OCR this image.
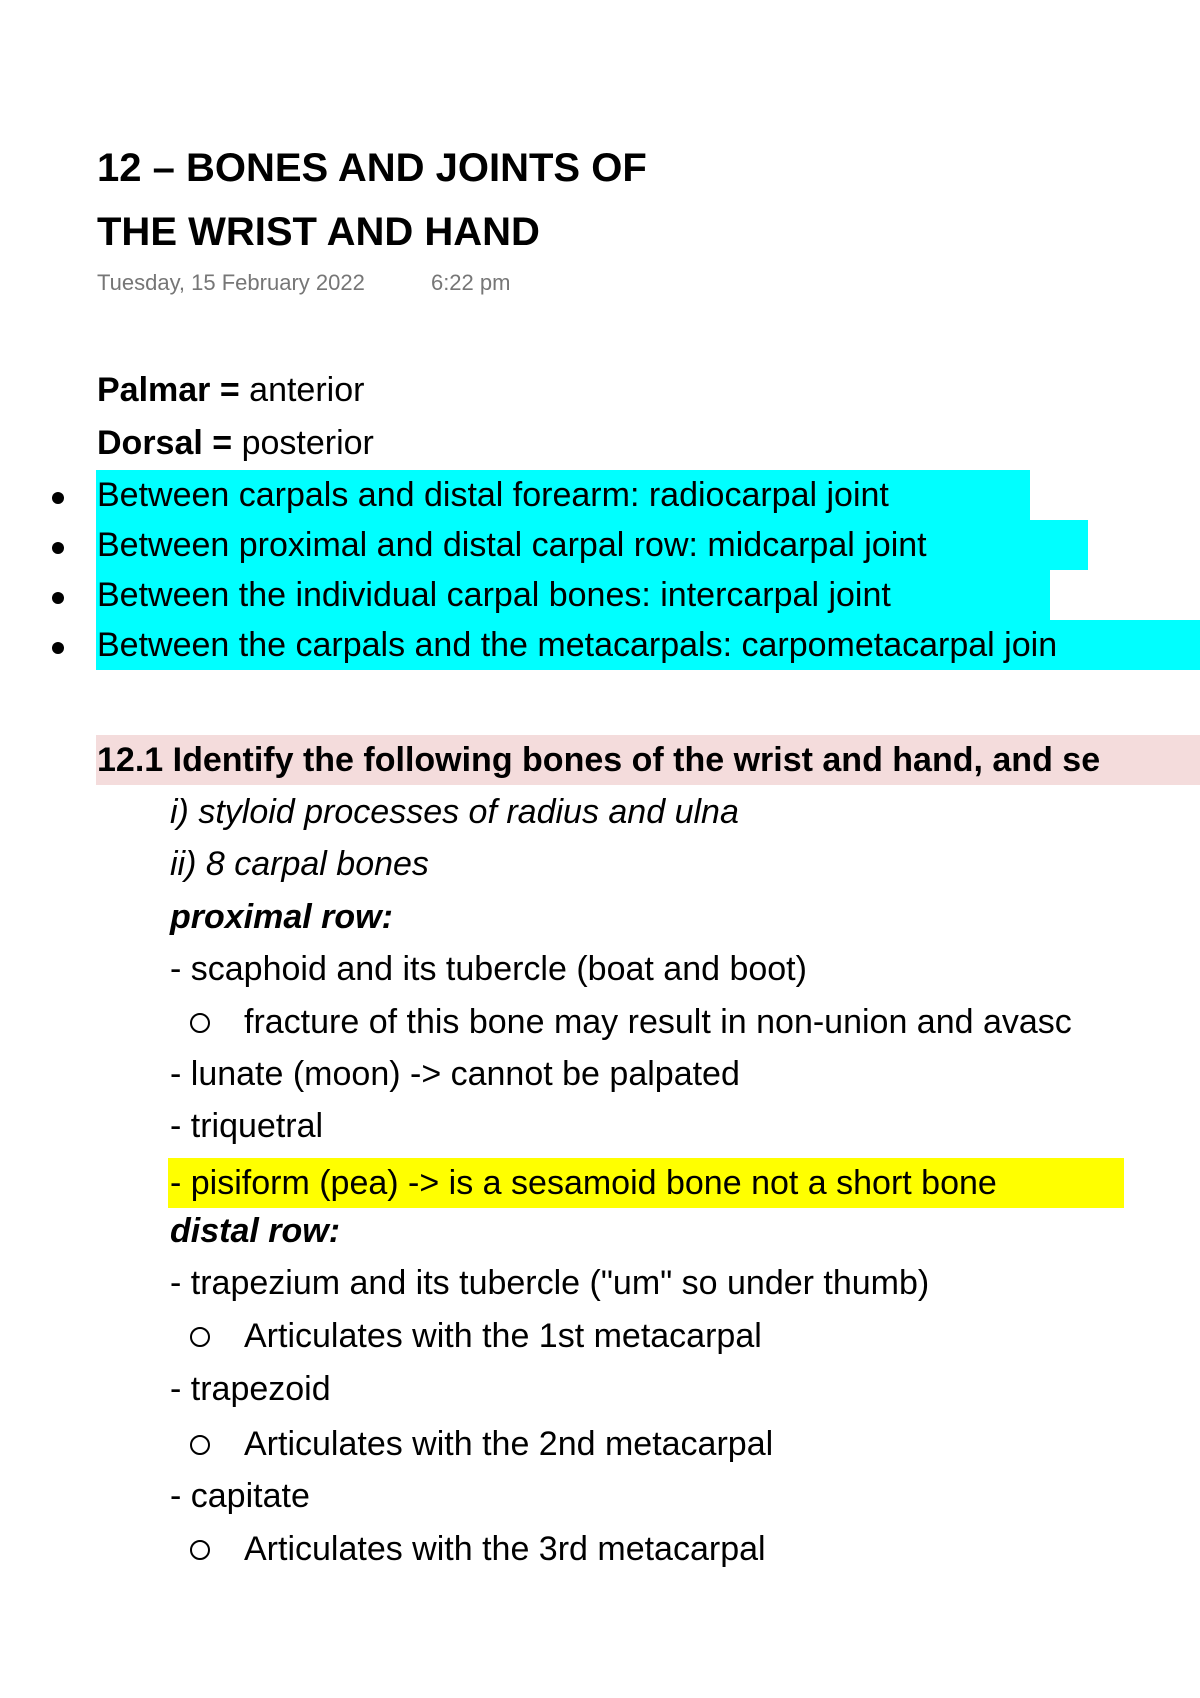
12 – BONES AND JOINTS OF
THE WRIST AND HAND
Tuesday, 15 February 2022	6:22 pm
Palmar = anterior
Dorsal = posterior
Between carpals and distal forearm: radiocarpal joint
Between proximal and distal carpal row: midcarpal joint
Between the individual carpal bones: intercarpal joint
Between the carpals and the metacarpals: carpometacarpal join
12.1 Identify the following bones of the wrist and hand, and se
i) styloid processes of radius and ulna
ii) 8 carpal bones
proximal row:
- scaphoid and its tubercle (boat and boot)
fracture of this bone may result in non-union and avasc
- lunate (moon) -> cannot be palpated
- triquetral
- pisiform (pea) -> is a sesamoid bone not a short bone
distal row:
- trapezium and its tubercle ("um" so under thumb)
Articulates with the 1st metacarpal
- trapezoid
Articulates with the 2nd metacarpal
- capitate
Articulates with the 3rd metacarpal
